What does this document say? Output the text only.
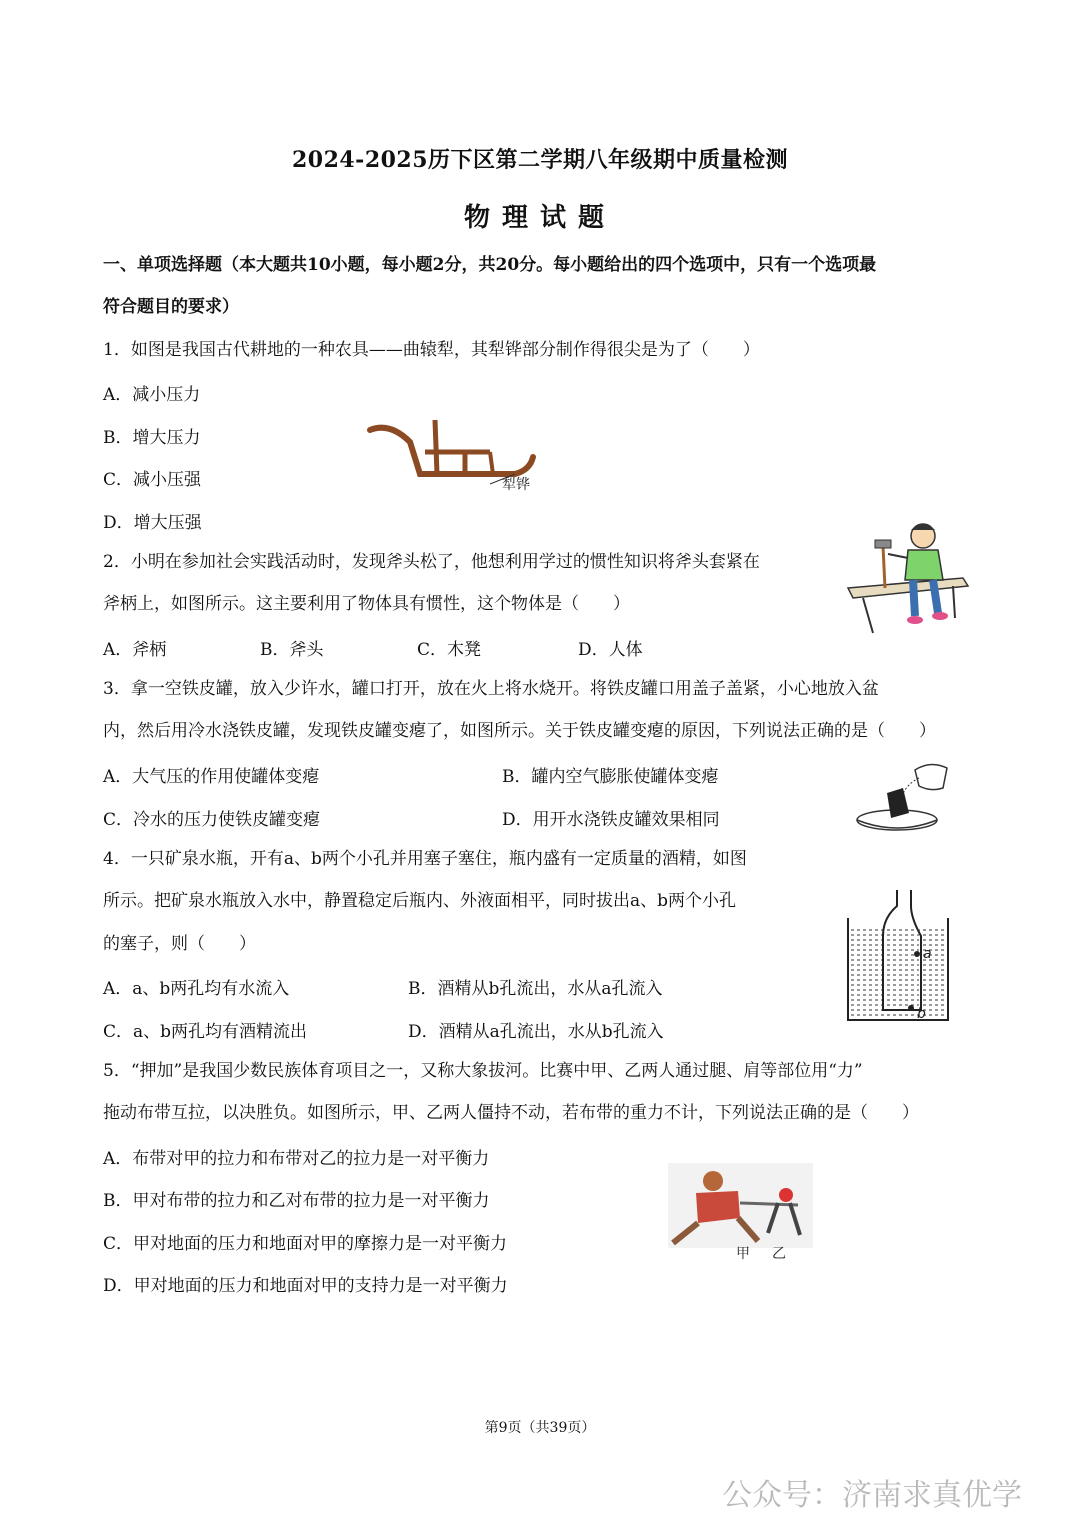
2024-2025历下区第二学期八年级期中质量检测
物理试题
一、单项选择题（本大题共10小题，每小题2分，共20分。每小题给出的四个选项中，只有一个选项最
符合题目的要求）
1．如图是我国古代耕地的一种农具——曲辕犁，其犁铧部分制作得很尖是为了（　　）
A．减小压力
B．增大压力
C．减小压强
D．增大压强
犁铧
2．小明在参加社会实践活动时，发现斧头松了，他想利用学过的惯性知识将斧头套紧在
斧柄上，如图所示。这主要利用了物体具有惯性，这个物体是（　　）
A．斧柄	B．斧头	C．木凳	D．人体
3．拿一空铁皮罐，放入少许水，罐口打开，放在火上将水烧开。将铁皮罐口用盖子盖紧，小心地放入盆
内，然后用冷水浇铁皮罐，发现铁皮罐变瘪了，如图所示。关于铁皮罐变瘪的原因，下列说法正确的是（　　）
A．大气压的作用使罐体变瘪	B．罐内空气膨胀使罐体变瘪
C．冷水的压力使铁皮罐变瘪	D．用开水浇铁皮罐效果相同
4．一只矿泉水瓶，开有a、b两个小孔并用塞子塞住，瓶内盛有一定质量的酒精，如图
所示。把矿泉水瓶放入水中，静置稳定后瓶内、外液面相平，同时拔出a、b两个小孔
的塞子，则（　　）
A．a、b两孔均有水流入	B．酒精从b孔流出，水从a孔流入
C．a、b两孔均有酒精流出	D．酒精从a孔流出，水从b孔流入
a
b
5．“押加”是我国少数民族体育项目之一，又称大象拔河。比赛中甲、乙两人通过腿、肩等部位用“力”
拖动布带互拉，以决胜负。如图所示，甲、乙两人僵持不动，若布带的重力不计，下列说法正确的是（　　）
A．布带对甲的拉力和布带对乙的拉力是一对平衡力
B．甲对布带的拉力和乙对布带的拉力是一对平衡力
C．甲对地面的压力和地面对甲的摩擦力是一对平衡力
D．甲对地面的压力和地面对甲的支持力是一对平衡力
甲 乙
第9页（共39页）
公众号：济南求真优学
